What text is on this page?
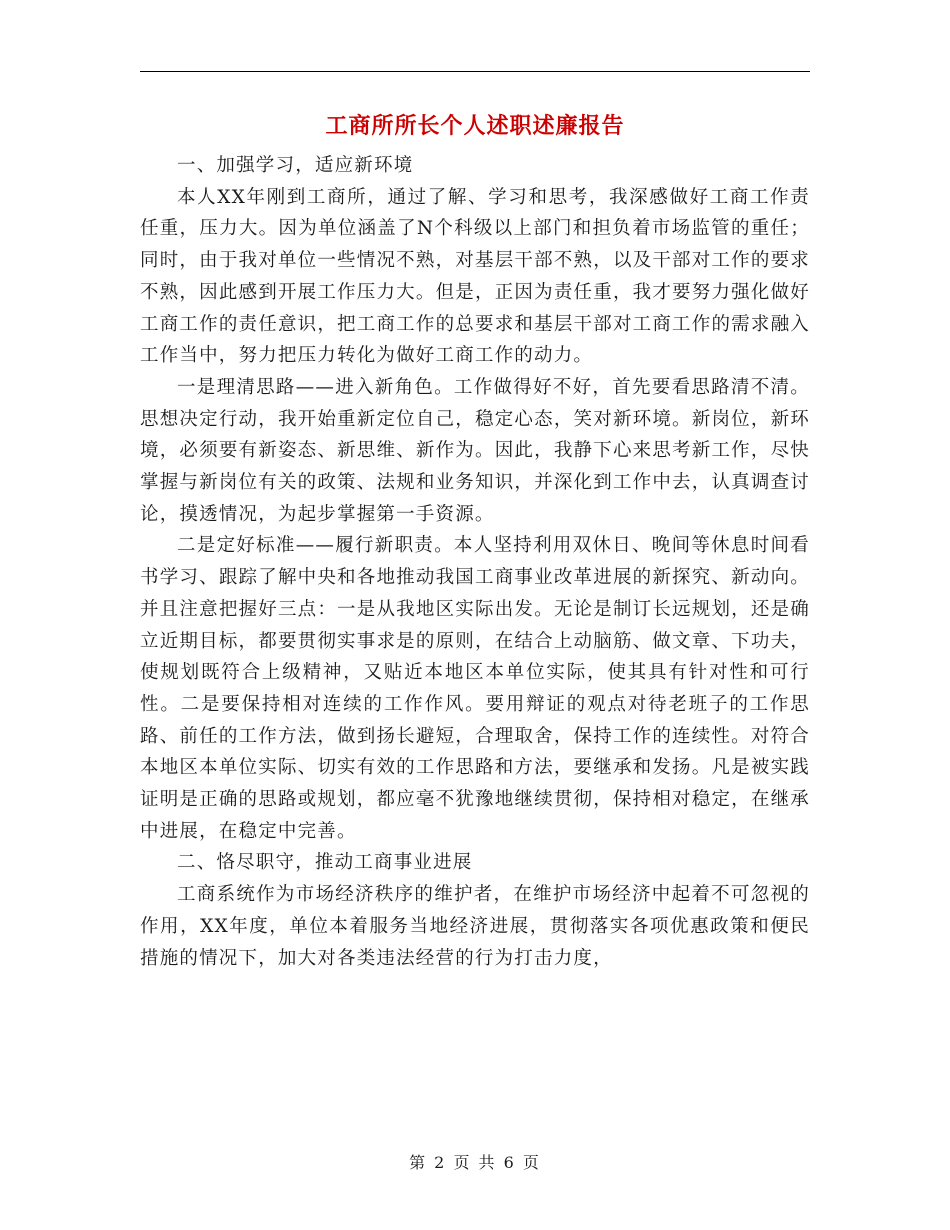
工商所所长个人述职述廉报告

一、加强学习，适应新环境

本人XX年刚到工商所，通过了解、学习和思考，我深感做好工商工作责任重，压力大。因为单位涵盖了N个科级以上部门和担负着市场监管的重任；同时，由于我对单位一些情况不熟，对基层干部不熟，以及干部对工作的要求不熟，因此感到开展工作压力大。但是，正因为责任重，我才要努力强化做好工商工作的责任意识，把工商工作的总要求和基层干部对工商工作的需求融入工作当中，努力把压力转化为做好工商工作的动力。

一是理清思路——进入新角色。工作做得好不好，首先要看思路清不清。思想决定行动，我开始重新定位自己，稳定心态，笑对新环境。新岗位，新环境，必须要有新姿态、新思维、新作为。因此，我静下心来思考新工作，尽快掌握与新岗位有关的政策、法规和业务知识，并深化到工作中去，认真调查讨论，摸透情况，为起步掌握第一手资源。

二是定好标准——履行新职责。本人坚持利用双休日、晚间等休息时间看书学习、跟踪了解中央和各地推动我国工商事业改革进展的新探究、新动向。并且注意把握好三点：一是从我地区实际出发。无论是制订长远规划，还是确立近期目标，都要贯彻实事求是的原则，在结合上动脑筋、做文章、下功夫，使规划既符合上级精神，又贴近本地区本单位实际，使其具有针对性和可行性。二是要保持相对连续的工作作风。要用辩证的观点对待老班子的工作思路、前任的工作方法，做到扬长避短，合理取舍，保持工作的连续性。对符合本地区本单位实际、切实有效的工作思路和方法，要继承和发扬。凡是被实践证明是正确的思路或规划，都应毫不犹豫地继续贯彻，保持相对稳定，在继承中进展，在稳定中完善。

二、恪尽职守，推动工商事业进展

工商系统作为市场经济秩序的维护者，在维护市场经济中起着不可忽视的作用，XX年度，单位本着服务当地经济进展，贯彻落实各项优惠政策和便民措施的情况下，加大对各类违法经营的行为打击力度，

第 2 页 共 6 页
